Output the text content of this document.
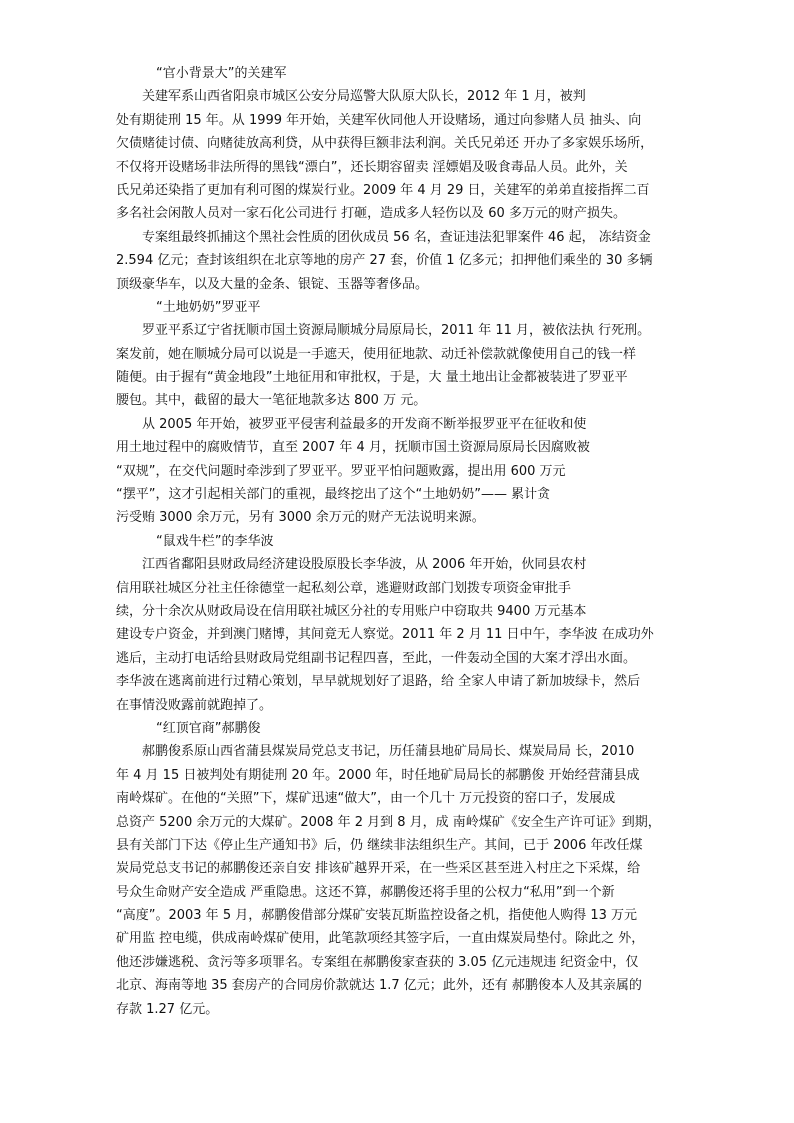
“官小背景大”的关建军
关建军系山西省阳泉市城区公安分局巡警大队原大队长，2012 年 1 月，被判
处有期徒刑 15 年。从 1999 年开始，关建军伙同他人开设赌场，通过向参赌人员 抽头、向
欠债赌徒讨债、向赌徒放高利贷，从中获得巨额非法利润。关氏兄弟还 开办了多家娱乐场所，
不仅将开设赌场非法所得的黑钱“漂白”，还长期容留卖 淫嫖娼及吸食毒品人员。此外，关
氏兄弟还染指了更加有利可图的煤炭行业。2009 年 4 月 29 日，关建军的弟弟直接指挥二百
多名社会闲散人员对一家石化公司进行 打砸，造成多人轻伤以及 60 多万元的财产损失。
专案组最终抓捕这个黑社会性质的团伙成员 56 名，查证违法犯罪案件 46 起， 冻结资金
2.594 亿元；查封该组织在北京等地的房产 27 套，价值 1 亿多元；扣押他们乘坐的 30 多辆
顶级豪华车，以及大量的金条、银锭、玉器等奢侈品。
“土地奶奶”罗亚平
罗亚平系辽宁省抚顺市国土资源局顺城分局原局长，2011 年 11 月，被依法执 行死刑。
案发前，她在顺城分局可以说是一手遮天，使用征地款、动迁补偿款就像使用自己的钱一样
随便。由于握有“黄金地段”土地征用和审批权，于是，大 量土地出让金都被装进了罗亚平
腰包。其中，截留的最大一笔征地款多达 800 万 元。
从 2005 年开始，被罗亚平侵害利益最多的开发商不断举报罗亚平在征收和使
用土地过程中的腐败情节，直至 2007 年 4 月，抚顺市国土资源局原局长因腐败被
“双规”，在交代问题时牵涉到了罗亚平。罗亚平怕问题败露，提出用 600 万元
“摆平”，这才引起相关部门的重视，最终挖出了这个“土地奶奶”—— 累计贪
污受贿 3000 余万元，另有 3000 余万元的财产无法说明来源。
“鼠戏牛栏”的李华波
江西省鄱阳县财政局经济建设股原股长李华波，从 2006 年开始，伙同县农村
信用联社城区分社主任徐德堂一起私刻公章，逃避财政部门划拨专项资金审批手
续，分十余次从财政局设在信用联社城区分社的专用账户中窃取共 9400 万元基本
建设专户资金，并到澳门赌博，其间竟无人察觉。2011 年 2 月 11 日中午，李华波 在成功外
逃后，主动打电话给县财政局党组副书记程四喜，至此，一件轰动全国的大案才浮出水面。
李华波在逃离前进行过精心策划，早早就规划好了退路，给 全家人申请了新加坡绿卡，然后
在事情没败露前就跑掉了。
“红顶官商”郝鹏俊
郝鹏俊系原山西省蒲县煤炭局党总支书记，历任蒲县地矿局局长、煤炭局局 长，2010
年 4 月 15 日被判处有期徒刑 20 年。2000 年，时任地矿局局长的郝鹏俊 开始经营蒲县成
南岭煤矿。在他的“关照”下，煤矿迅速“做大”，由一个几十 万元投资的窑口子，发展成
总资产 5200 余万元的大煤矿。2008 年 2 月到 8 月，成 南岭煤矿《安全生产许可证》到期，
县有关部门下达《停止生产通知书》后，仍 继续非法组织生产。其间，已于 2006 年改任煤
炭局党总支书记的郝鹏俊还亲自安 排该矿越界开采，在一些采区甚至进入村庄之下采煤，给
号众生命财产安全造成 严重隐患。这还不算，郝鹏俊还将手里的公权力“私用”到一个新
“高度”。2003 年 5 月，郝鹏俊借部分煤矿安装瓦斯监控设备之机，指使他人购得 13 万元
矿用监 控电缆，供成南岭煤矿使用，此笔款项经其签字后，一直由煤炭局垫付。除此之 外，
他还涉嫌逃税、贪污等多项罪名。专案组在郝鹏俊家查获的 3.05 亿元违规违 纪资金中，仅
北京、海南等地 35 套房产的合同房价款就达 1.7 亿元；此外，还有 郝鹏俊本人及其亲属的
存款 1.27 亿元。
